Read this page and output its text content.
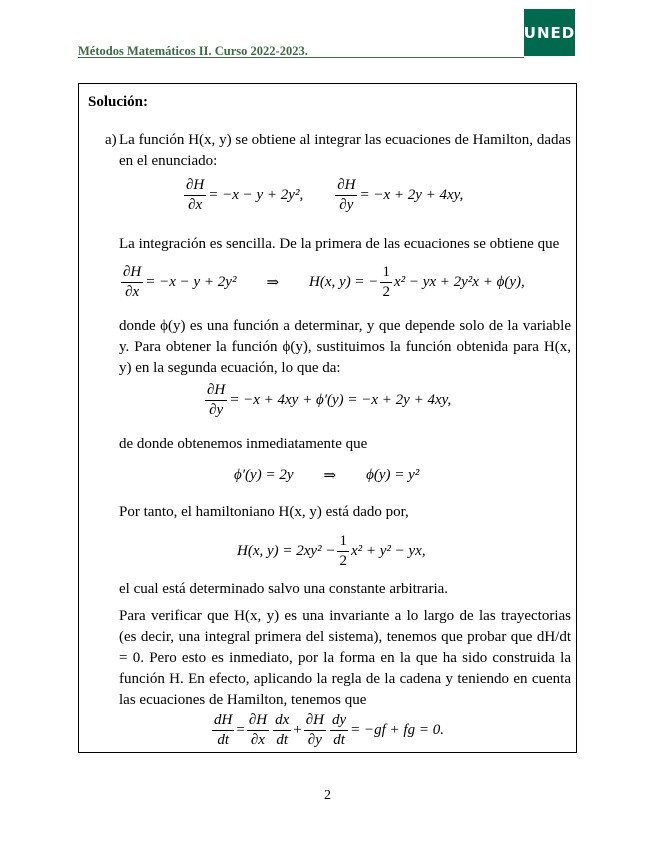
UNED
Métodos Matemáticos II. Curso 2022-2023.
Solución:
a) La función H(x, y) se obtiene al integrar las ecuaciones de Hamilton, dadas en el enunciado:
$\frac{\partial H}{\partial x} = -x - y + 2y^2$, $\frac{\partial H}{\partial y} = -x + 2y + 4xy$,
La integración es sencilla. De la primera de las ecuaciones se obtiene que
$\frac{\partial H}{\partial x} = -x - y + 2y^2$ ⇒ H(x, y) = − $\frac{1}{2} x^2$ − yx + 2y²x + ϕ(y),
donde ϕ(y) es una función a determinar, y que depende solo de la variable y. Para obtener la función ϕ(y), sustituimos la función obtenida para H(x, y) en la segunda ecuación, lo que da:
$\frac{\partial H}{\partial y} = -x + 4xy + \phi'(y) = -x + 2y + 4xy$,
de donde obtenemos inmediatamente que
ϕ′(y) = 2y ⇒ ϕ(y) = y²
Por tanto, el hamiltoniano H(x, y) está dado por,
H(x, $y) = 2xy^2 - \frac{1}{2} x^2 + y^2$ − yx,
el cual está determinado salvo una constante arbitraria.
Para verificar que H(x, y) es una invariante a lo largo de las trayectorias (es decir, una integral primera del sistema), tenemos que probar que dH/dt = 0. Pero esto es inmediato, por la forma en la que ha sido construida la función H. En efecto, aplicando la regla de la cadena y teniendo en cuenta las ecuaciones de Hamilton, tenemos que
$\frac{dH}{dt} = \frac{\partial H}{\partial x} \frac{dx}{dt} + \frac{\partial H}{\partial y} \frac{dy}{dt} = -gf$ + fg = 0.
2
